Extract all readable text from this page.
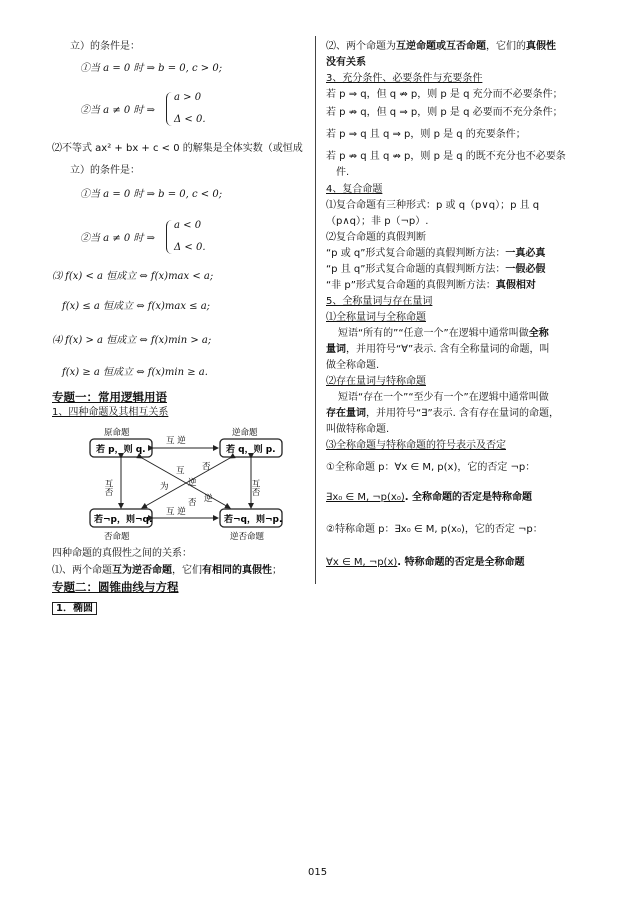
立）的条件是：
①当 a = 0 时 ⇒ b = 0, c > 0;
②当 a ≠ 0 时 ⇒
a > 0
Δ < 0.
⑵不等式 ax² + bx + c < 0 的解集是全体实数（或恒成
立）的条件是：
①当 a = 0 时 ⇒ b = 0, c < 0;
②当 a ≠ 0 时 ⇒
a < 0
Δ < 0.
⑶ f(x) < a 恒成立 ⇔ f(x)max < a;
f(x) ≤ a 恒成立 ⇔ f(x)max ≤ a;
⑷ f(x) > a 恒成立 ⇔ f(x)min > a;
f(x) ≥ a 恒成立 ⇔ f(x)min ≥ a.
专题一：常用逻辑用语
1、四种命题及其相互关系
原命题	逆命题
若 p，则 q.	若 q，则 p.
互 逆
若¬p，则¬q.	若¬q，则¬p.
否命题	逆否命题
互 逆
互否	互否
互 否
为 逆
否 逆
四种命题的真假性之间的关系：
⑴、两个命题互为逆否命题，它们有相同的真假性；
专题二：圆锥曲线与方程
1．椭圆
⑵、两个命题为互逆命题或互否命题，它们的真假性
没有关系
3、充分条件、必要条件与充要条件
若 p ⇒ q，但 q ⇏ p，则 p 是 q 充分而不必要条件；
若 p ⇏ q，但 q ⇒ p，则 p 是 q 必要而不充分条件；
若 p ⇒ q 且 q ⇒ p，则 p 是 q 的充要条件；
若 p ⇏ q 且 q ⇏ p，则 p 是 q 的既不充分也不必要条
件.
4、复合命题
⑴复合命题有三种形式：p 或 q（p∨q）；p 且 q
（p∧q）；非 p（¬p）.
⑵复合命题的真假判断
“p 或 q”形式复合命题的真假判断方法：一真必真
“p 且 q”形式复合命题的真假判断方法：一假必假
“非 p”形式复合命题的真假判断方法：真假相对
5、全称量词与存在量词
⑴全称量词与全称命题
短语“所有的”“任意一个”在逻辑中通常叫做全称
量词，并用符号“∀”表示. 含有全称量词的命题，叫
做全称命题.
⑵存在量词与特称命题
短语“存在一个”“至少有一个”在逻辑中通常叫做
存在量词，并用符号“∃”表示. 含有存在量词的命题，
叫做特称命题.
⑶全称命题与特称命题的符号表示及否定
①全称命题 p：∀x ∈ M, p(x)，它的否定 ¬p：
∃x₀ ∈ M, ¬p(x₀). 全称命题的否定是特称命题
②特称命题 p：∃x₀ ∈ M, p(x₀)，它的否定 ¬p：
∀x ∈ M, ¬p(x). 特称命题的否定是全称命题
015
